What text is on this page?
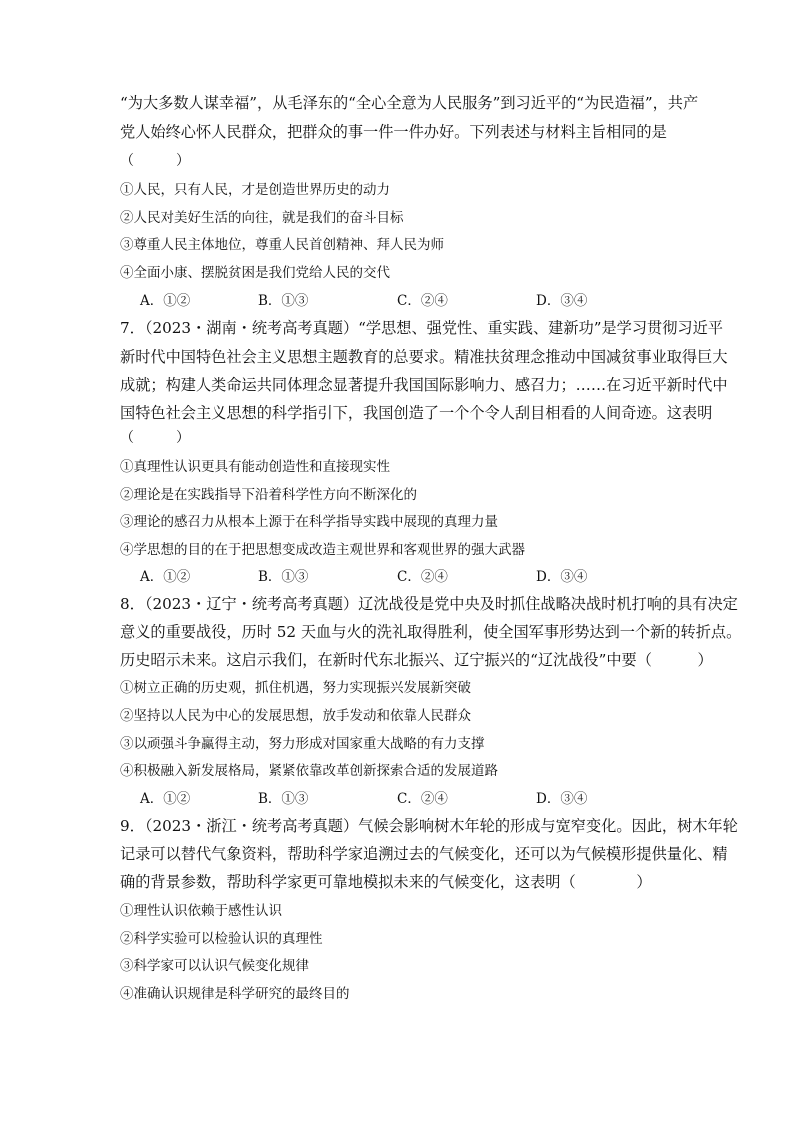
“为大多数人谋幸福”，从毛泽东的“全心全意为人民服务”到习近平的“为民造福”，共产
党人始终心怀人民群众，把群众的事一件一件办好。下列表述与材料主旨相同的是
（　　　）
①人民，只有人民，才是创造世界历史的动力
②人民对美好生活的向往，就是我们的奋斗目标
③尊重人民主体地位，尊重人民首创精神、拜人民为师
④全面小康、摆脱贫困是我们党给人民的交代
A．①②	B．①③	C．②④	D．③④
7．（2023・湖南・统考高考真题）“学思想、强党性、重实践、建新功”是学习贯彻习近平
新时代中国特色社会主义思想主题教育的总要求。精准扶贫理念推动中国减贫事业取得巨大
成就；构建人类命运共同体理念显著提升我国国际影响力、感召力；……在习近平新时代中
国特色社会主义思想的科学指引下，我国创造了一个个令人刮目相看的人间奇迹。这表明
（　　　）
①真理性认识更具有能动创造性和直接现实性
②理论是在实践指导下沿着科学性方向不断深化的
③理论的感召力从根本上源于在科学指导实践中展现的真理力量
④学思想的目的在于把思想变成改造主观世界和客观世界的强大武器
A．①②	B．①③	C．②④	D．③④
8．（2023・辽宁・统考高考真题）辽沈战役是党中央及时抓住战略决战时机打响的具有决定
意义的重要战役，历时 52 天血与火的洗礼取得胜利，使全国军事形势达到一个新的转折点。
历史昭示未来。这启示我们，在新时代东北振兴、辽宁振兴的“辽沈战役”中要（　　　）
①树立正确的历史观，抓住机遇，努力实现振兴发展新突破
②坚持以人民为中心的发展思想，放手发动和依靠人民群众
③以顽强斗争赢得主动，努力形成对国家重大战略的有力支撑
④积极融入新发展格局，紧紧依靠改革创新探索合适的发展道路
A．①②	B．①③	C．②④	D．③④
9．（2023・浙江・统考高考真题）气候会影响树木年轮的形成与宽窄变化。因此，树木年轮
记录可以替代气象资料，帮助科学家追溯过去的气候变化，还可以为气候模形提供量化、精
确的背景参数，帮助科学家更可靠地模拟未来的气候变化，这表明（　　　　）
①理性认识依赖于感性认识
②科学实验可以检验认识的真理性
③科学家可以认识气候变化规律
④准确认识规律是科学研究的最终目的
